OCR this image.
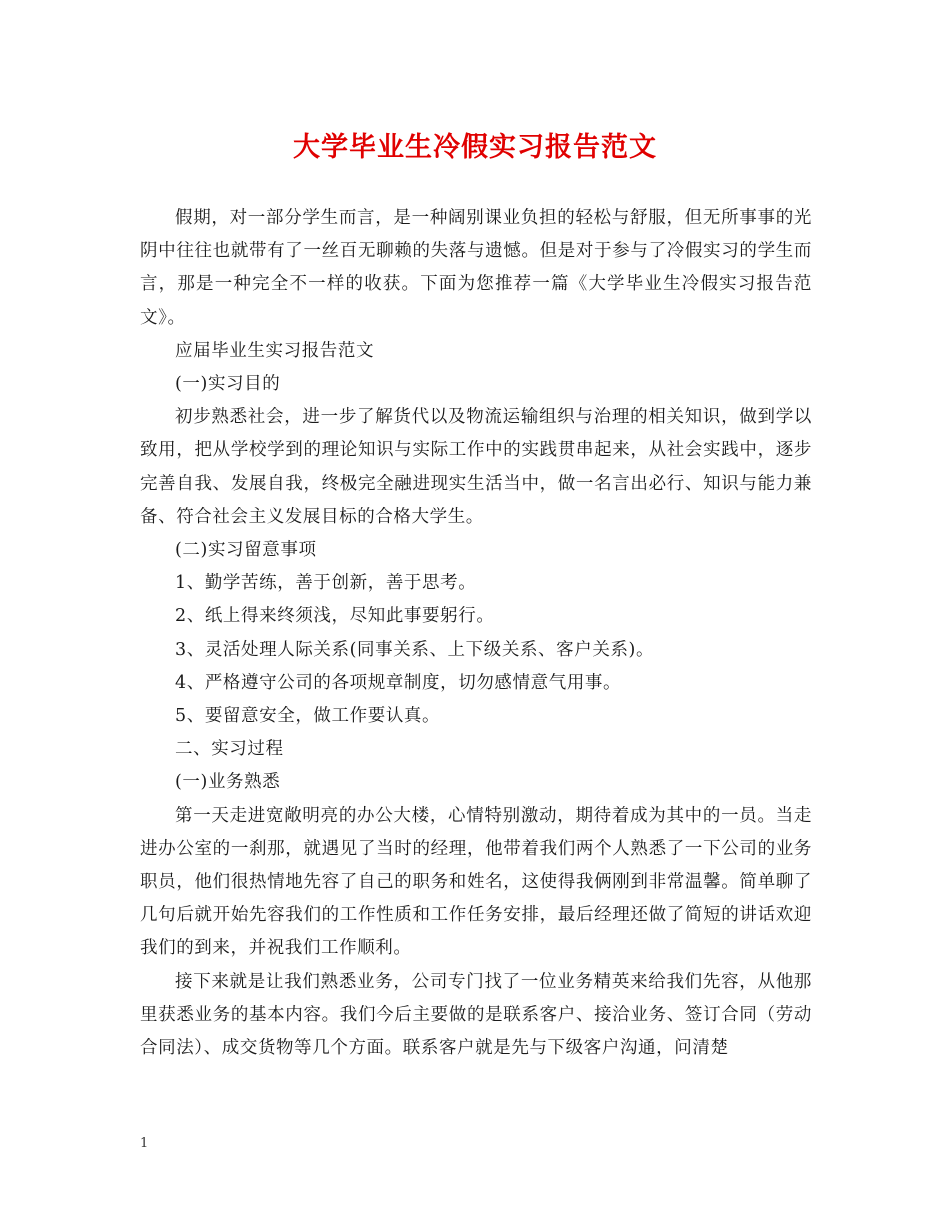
大学毕业生冷假实习报告范文

假期，对一部分学生而言，是一种阔别课业负担的轻松与舒服，但无所事事的光阴中往往也就带有了一丝百无聊赖的失落与遗憾。但是对于参与了冷假实习的学生而言，那是一种完全不一样的收获。下面为您推荐一篇《大学毕业生冷假实习报告范文》。

应届毕业生实习报告范文

(一)实习目的

初步熟悉社会，进一步了解货代以及物流运输组织与治理的相关知识，做到学以致用，把从学校学到的理论知识与实际工作中的实践贯串起来，从社会实践中，逐步完善自我、发展自我，终极完全融进现实生活当中，做一名言出必行、知识与能力兼备、符合社会主义发展目标的合格大学生。

(二)实习留意事项

1、勤学苦练，善于创新，善于思考。

2、纸上得来终须浅，尽知此事要躬行。

3、灵活处理人际关系(同事关系、上下级关系、客户关系)。

4、严格遵守公司的各项规章制度，切勿感情意气用事。

5、要留意安全，做工作要认真。

二、实习过程

(一)业务熟悉

第一天走进宽敞明亮的办公大楼，心情特别激动，期待着成为其中的一员。当走进办公室的一刹那，就遇见了当时的经理，他带着我们两个人熟悉了一下公司的业务职员，他们很热情地先容了自己的职务和姓名，这使得我俩刚到非常温馨。简单聊了几句后就开始先容我们的工作性质和工作任务安排，最后经理还做了简短的讲话欢迎我们的到来，并祝我们工作顺利。

接下来就是让我们熟悉业务，公司专门找了一位业务精英来给我们先容，从他那里获悉业务的基本内容。我们今后主要做的是联系客户、接洽业务、签订合同（劳动合同法）、成交货物等几个方面。联系客户就是先与下级客户沟通，问清楚

1
